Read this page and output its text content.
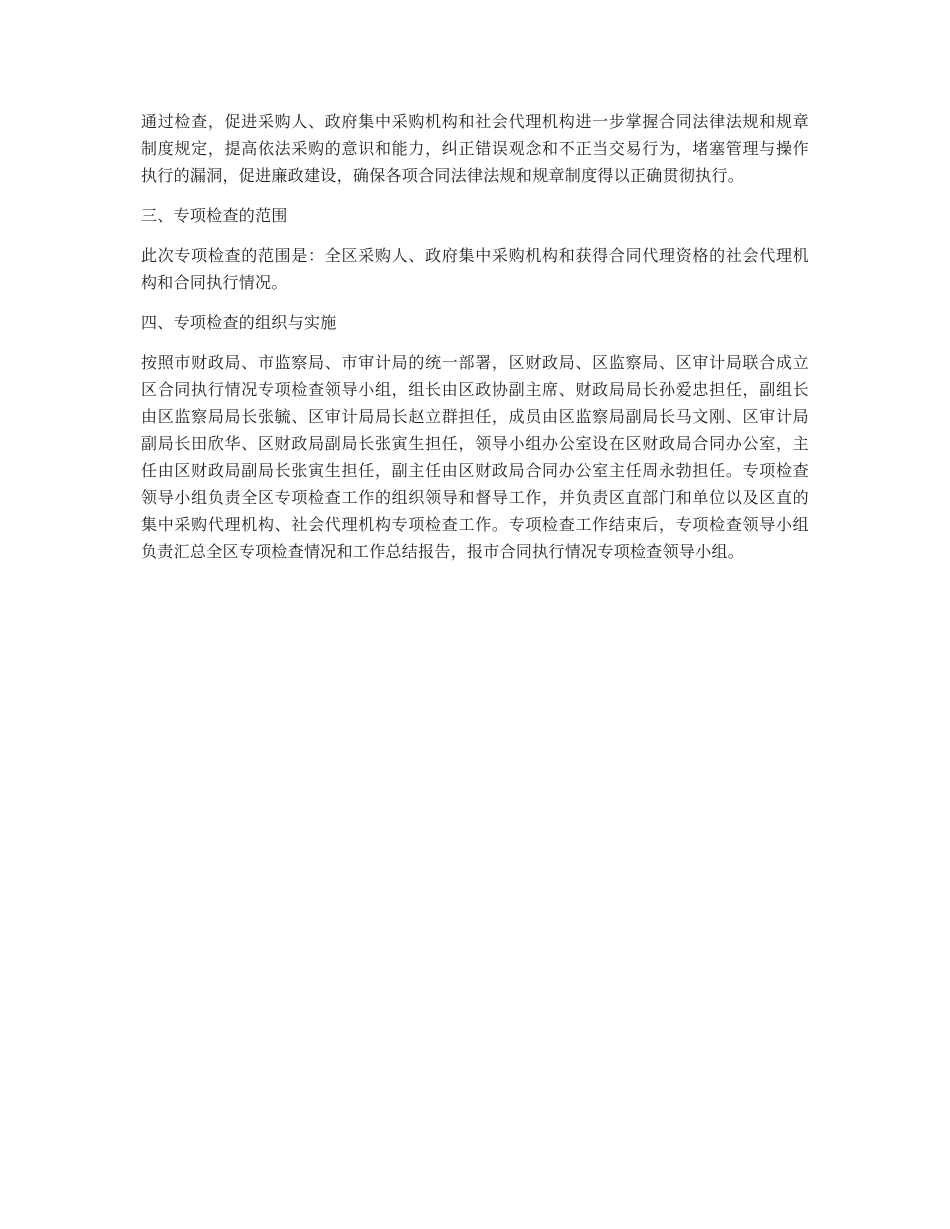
通过检查，促进采购人、政府集中采购机构和社会代理机构进一步掌握合同法律法规和规章制度规定，提高依法采购的意识和能力，纠正错误观念和不正当交易行为，堵塞管理与操作执行的漏洞，促进廉政建设，确保各项合同法律法规和规章制度得以正确贯彻执行。

三、专项检查的范围

此次专项检查的范围是：全区采购人、政府集中采购机构和获得合同代理资格的社会代理机构和合同执行情况。

四、专项检查的组织与实施

按照市财政局、市监察局、市审计局的统一部署，区财政局、区监察局、区审计局联合成立区合同执行情况专项检查领导小组，组长由区政协副主席、财政局局长孙爱忠担任，副组长由区监察局局长张毓、区审计局局长赵立群担任，成员由区监察局副局长马文刚、区审计局副局长田欣华、区财政局副局长张寅生担任，领导小组办公室设在区财政局合同办公室，主任由区财政局副局长张寅生担任，副主任由区财政局合同办公室主任周永勃担任。专项检查领导小组负责全区专项检查工作的组织领导和督导工作，并负责区直部门和单位以及区直的集中采购代理机构、社会代理机构专项检查工作。专项检查工作结束后，专项检查领导小组负责汇总全区专项检查情况和工作总结报告，报市合同执行情况专项检查领导小组。
